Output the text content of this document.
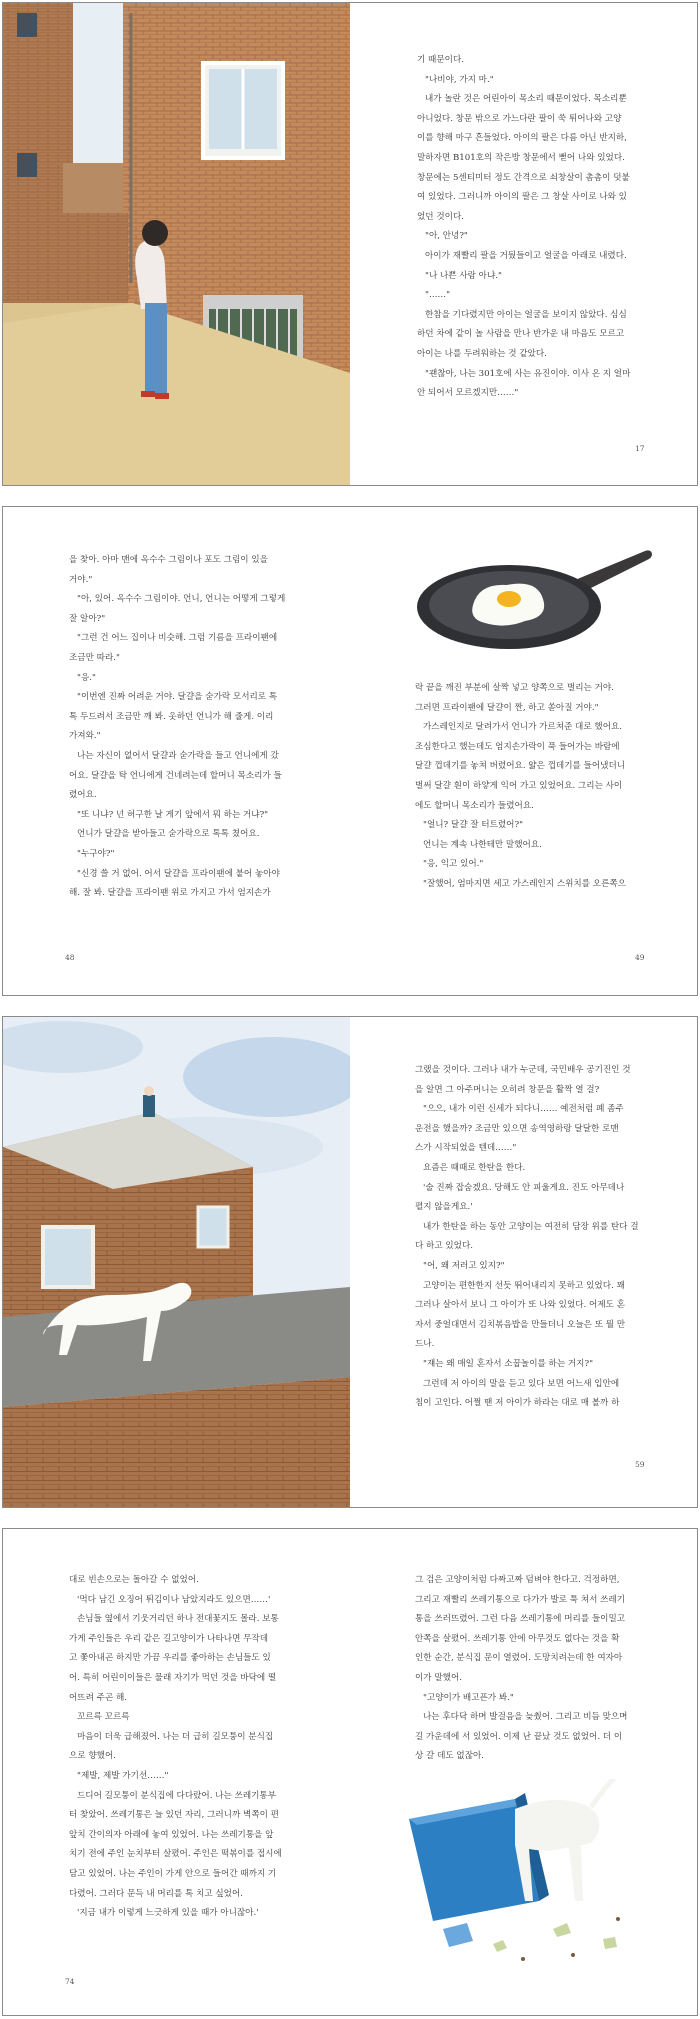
기 때문이다.

"나비야, 가지 마."

내가 놀란 것은 어린아이 목소리 때문이었다. 목소리뿐

아니었다. 창문 밖으로 가느다란 팔이 쑥 튀어나와 고양

이를 향해 마구 흔들었다. 아이의 팔은 다름 아닌 반지하,

말하자면 B101호의 작은방 창문에서 뻗어 나와 있었다.

창문에는 5센티미터 정도 간격으로 쇠창살이 촘촘이 덧붙

여 있었다. 그러니까 아이의 팔은 그 창살 사이로 나와 있

었던 것이다.

"아, 안녕?"

아이가 재빨리 팔을 거뒀들이고 얼굴을 아래로 내렸다.

"나 나쁜 사람 아냐."

"……"

한참을 기다렸지만 아이는 얼굴을 보이지 않았다. 심심

하던 차에 같이 놀 사람을 만나 반가운 내 마음도 모르고

아이는 나를 두려워하는 것 같았다.

"괜찮아, 나는 301호에 사는 유진이야. 이사 온 지 얼마

안 되어서 모르겠지만……"

17

을 찾아. 아마 맨에 옥수수 그림이나 포도 그림이 있을

거야."

"아, 있어. 옥수수 그림이야. 언니, 언니는 어떻게 그렇게

잘 알아?"

"그런 건 어느 집이나 비슷해. 그럼 기름을 프라이팬에

조금만 따라."

"응."

"이번엔 진짜 어려운 거야. 달걀을 숟가락 모서리로 톡

톡 두드려서 조금만 깨 봐. 옷하던 언니가 해 줄게. 이리

가져와."

나는 자신이 없어서 달걀과 숟가락을 들고 언니에게 갔

어요. 달걀을 탁 언니에게 건네려는데 할머니 목소리가 들

렸어요.

"또 니냐? 넌 허구한 날 게기 앞에서 뭐 하는 거냐?"

언니가 달걀을 받아들고 숟가락으로 톡톡 쳤어요.

"누구야?"

"신경 쓸 거 없어. 어서 달걀을 프라이팬에 붙어 놓아야

해. 잘 봐. 달걀을 프라이팬 위로 가지고 가서 엄지손가

48

락 끝을 깨진 부분에 살짝 넣고 양쪽으로 벌리는 거야.

그러면 프라이팬에 달걀이 짠, 하고 쏟아질 거야."

가스레인지로 달려가서 언니가 가르쳐준 대로 했어요.

조심한다고 했는데도 엄지손가락이 푹 들어가는 바람에

달걀 껍데기를 놓쳐 버렸어요. 얇은 껍데기를 들어냈더니

벌써 달걀 흰이 하얗게 익어 가고 있었어요. 그리는 사이

에도 할머니 목소리가 들렸어요.

"얼니? 달걀 잘 터트렸어?"

언니는 계속 나한테만 말했어요.

"응, 익고 있어."

"잘했어, 엄마지면 세고 가스레인지 스위치를 오른쪽으

49

그랬을 것이다. 그러나 내가 누군데, 국민배우 공기진인 것

을 알면 그 아주머니는 오히려 창문을 활짝 열 걸?

"으으, 내가 이런 신세가 되다니…… 예전처럼 폐 좀주

운전을 했을까? 조금만 있으면 송역영하랑 달달한 로맨

스가 시작되었을 텐데……"

요즘은 때때로 한탄을 한다.

'술 진짜 잡숨겠요. 당해도 안 피울게요. 진도 아무데나

펼지 않을게요.'

내가 한탄을 하는 동안 고양이는 여전히 담장 위를 탄다 걸

다 하고 있었다.

"어, 왜 저러고 있지?"

고양이는 편한한지 선듯 뛰어내리지 못하고 있었다. 꽤

그러나 살아서 보니 그 아이가 또 나와 있었다. 어제도 혼

자서 중얼대면서 김치볶음밥을 만들더니 오늘은 또 뭘 만

드나.

"쟤는 왜 매일 혼자서 소꿉놀이를 하는 거지?"

그런데 저 아이의 말을 듣고 있다 보면 어느새 입안에

침이 고인다. 어쩔 땐 저 아이가 하라는 대로 매 볼까 하

59

대로 빈손으로는 돌아갈 수 없었어.

'먹다 남긴 오징어 튀김이나 남았지라도 있으면……'

손님들 옆에서 기웃거리던 하나 전대꽃지도 몰라. 보통

가게 주인들은 우리 같은 길고양이가 나타나면 무작데

고 쫓아내곤 하지만 가끔 우리를 좋아하는 손님들도 있

어. 특히 어린이이들은 물래 자기가 먹던 것을 바닥에 떨

어뜨려 주곤 해.

꼬르륵 꼬르륵

마음이 더욱 급해졌어. 나는 더 급히 길모퉁이 분식집

으로 향했어.

"제발, 제발 가기선……"

드디어 길모퉁이 분식집에 다다랐어. 나는 쓰레기통부

터 찾았어. 쓰레기통은 늘 있던 자리, 그러니까 벽쪽이 편

앞치 간이의자 아래에 놓여 있었어. 나는 쓰레기통을 앞

치기 전에 주인 눈치부터 살폈어. 주인은 떡볶이를 접시에

담고 있었어. 나는 주인이 가게 안으로 들어간 때까지 기

다렸어. 그러다 문득 내 머리를 톡 치고 싶었어.

'지금 내가 이렇게 느긋하게 있을 때가 아니잖아.'

74

그 검은 고양이처럼 다짜고짜 덤벼야 한다고. 걱정하면,

그리고 재빨리 쓰레기통으로 다가가 발로 툭 쳐서 쓰레기

통을 쓰러뜨렸어. 그런 다음 쓰레기통에 머리를 들이밀고

안쪽을 살폈어. 쓰레기통 안에 아무것도 없다는 것을 확

인한 순간, 분식집 문이 열렸어. 도망치려는데 한 여자아

이가 말했어.

"고양이가 배고픈가 봐."

나는 후다닥 하며 발걸음을 늦췄어. 그리고 비듬 맞으며

길 가운데에 서 있었어. 이제 난 끝났 것도 없었어. 더 이

상 갈 데도 없잖아.
